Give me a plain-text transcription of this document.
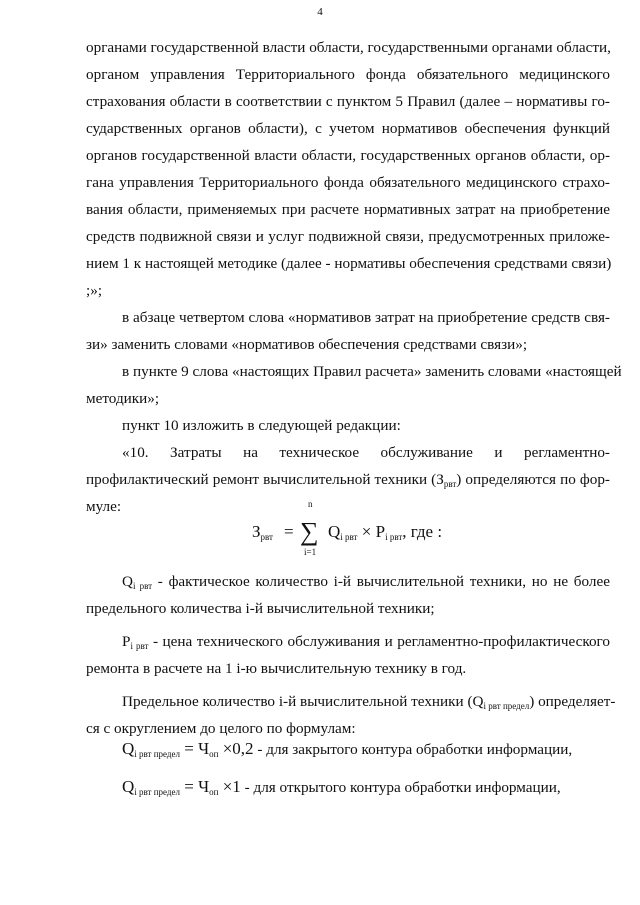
4
органами государственной власти области, государственными органами области,
органом управления Территориального фонда обязательного медицинского
страхования области в соответствии с пунктом 5 Правил (далее – нормативы го-
сударственных органов области), с учетом нормативов обеспечения функций
органов государственной власти области, государственных органов области, ор-
гана управления Территориального фонда обязательного медицинского страхо-
вания области, применяемых при расчете нормативных затрат на приобретение
средств подвижной связи и услуг подвижной связи, предусмотренных приложе-
нием 1 к настоящей методике (далее - нормативы обеспечения средствами связи)
;»;
в абзаце четвертом слова «нормативов затрат на приобретение средств свя-
зи» заменить словами «нормативов обеспечения средствами связи»;
в пункте 9 слова «настоящих Правил расчета» заменить словами «настоящей
методики»;
пункт 10 изложить в следующей редакции:
«10. Затраты на техническое обслуживание и регламентно-
профилактический ремонт вычислительной техники (Зрвт) определяются по фор-
муле:
Зрвт =
n
∑
i=1
Qi рвт × Pi рвт, где :
Qi рвт - фактическое количество i-й вычислительной техники, но не более
предельного количества i-й вычислительной техники;
Pi рвт - цена технического обслуживания и регламентно-профилактического
ремонта в расчете на 1 i-ю вычислительную технику в год.
Предельное количество i-й вычислительной техники (Qi рвт предел) определяет-
ся с округлением до целого по формулам:
Qi рвт предел = Чоп ×0,2 - для закрытого контура обработки информации,
Qi рвт предел = Чоп ×1 - для открытого контура обработки информации,
